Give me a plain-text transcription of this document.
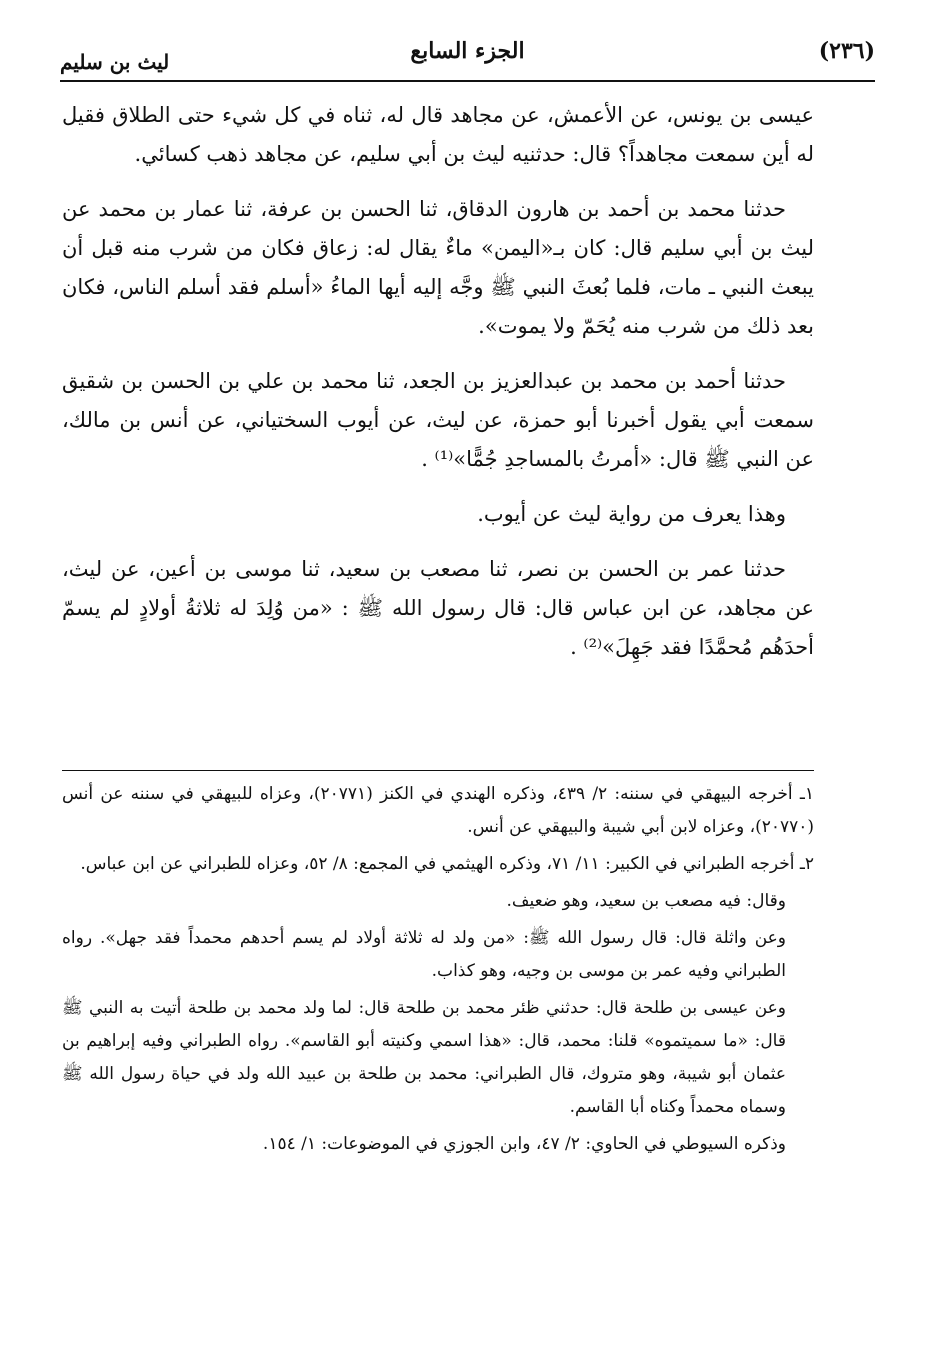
(٢٣٦)
الجزء السابع
ليث بن سليم

عيسى بن يونس، عن الأعمش، عن مجاهد قال له، ثناه في كل شيء حتى الطلاق فقيل له أين سمعت مجاهداً؟ قال: حدثنيه ليث بن أبي سليم، عن مجاهد ذهب كسائي.

حدثنا محمد بن أحمد بن هارون الدقاق، ثنا الحسن بن عرفة، ثنا عمار بن محمد عن ليث بن أبي سليم قال: كان بـ«اليمن» ماءٌ يقال له: زعاق فكان من شرب منه قبل أن يبعث النبي ـ مات، فلما بُعثَ النبي ﷺ وجَّه إليه أيها الماءُ «أسلم فقد أسلم الناس، فكان بعد ذلك من شرب منه يُحَمّ ولا يموت».

حدثنا أحمد بن محمد بن عبدالعزيز بن الجعد، ثنا محمد بن علي بن الحسن بن شقيق سمعت أبي يقول أخبرنا أبو حمزة، عن ليث، عن أيوب السختياني، عن أنس بن مالك، عن النبي ﷺ قال: «أمرتُ بالمساجدِ جُمًّا»⁽¹⁾ .

وهذا يعرف من رواية ليث عن أيوب.

حدثنا عمر بن الحسن بن نصر، ثنا مصعب بن سعيد، ثنا موسى بن أعين، عن ليث، عن مجاهد، عن ابن عباس قال: قال رسول الله ﷺ : «من وُلِدَ له ثلاثةُ أولادٍ لم يسمّ أحدَهُم مُحمَّدًا فقد جَهِلَ»⁽²⁾ .

١ـ أخرجه البيهقي في سننه: ٢/ ٤٣٩، وذكره الهندي في الكنز (٢٠٧٧١)، وعزاه للبيهقي في سننه عن أنس (٢٠٧٧٠)، وعزاه لابن أبي شيبة والبيهقي عن أنس.

٢ـ أخرجه الطبراني في الكبير: ١١/ ٧١، وذكره الهيثمي في المجمع: ٨/ ٥٢، وعزاه للطبراني عن ابن عباس.

وقال: فيه مصعب بن سعيد، وهو ضعيف.

وعن واثلة قال: قال رسول الله ﷺ: «من ولد له ثلاثة أولاد لم يسم أحدهم محمداً فقد جهل». رواه الطبراني وفيه عمر بن موسى بن وجيه، وهو كذاب.

وعن عيسى بن طلحة قال: حدثني ظئر محمد بن طلحة قال: لما ولد محمد بن طلحة أتيت به النبي ﷺ قال: «ما سميتموه» قلنا: محمد، قال: «هذا اسمي وكنيته أبو القاسم». رواه الطبراني وفيه إبراهيم بن عثمان أبو شيبة، وهو متروك، قال الطبراني: محمد بن طلحة بن عبيد الله ولد في حياة رسول الله ﷺ وسماه محمداً وكناه أبا القاسم.

وذكره السيوطي في الحاوي: ٢/ ٤٧، وابن الجوزي في الموضوعات: ١/ ١٥٤.
